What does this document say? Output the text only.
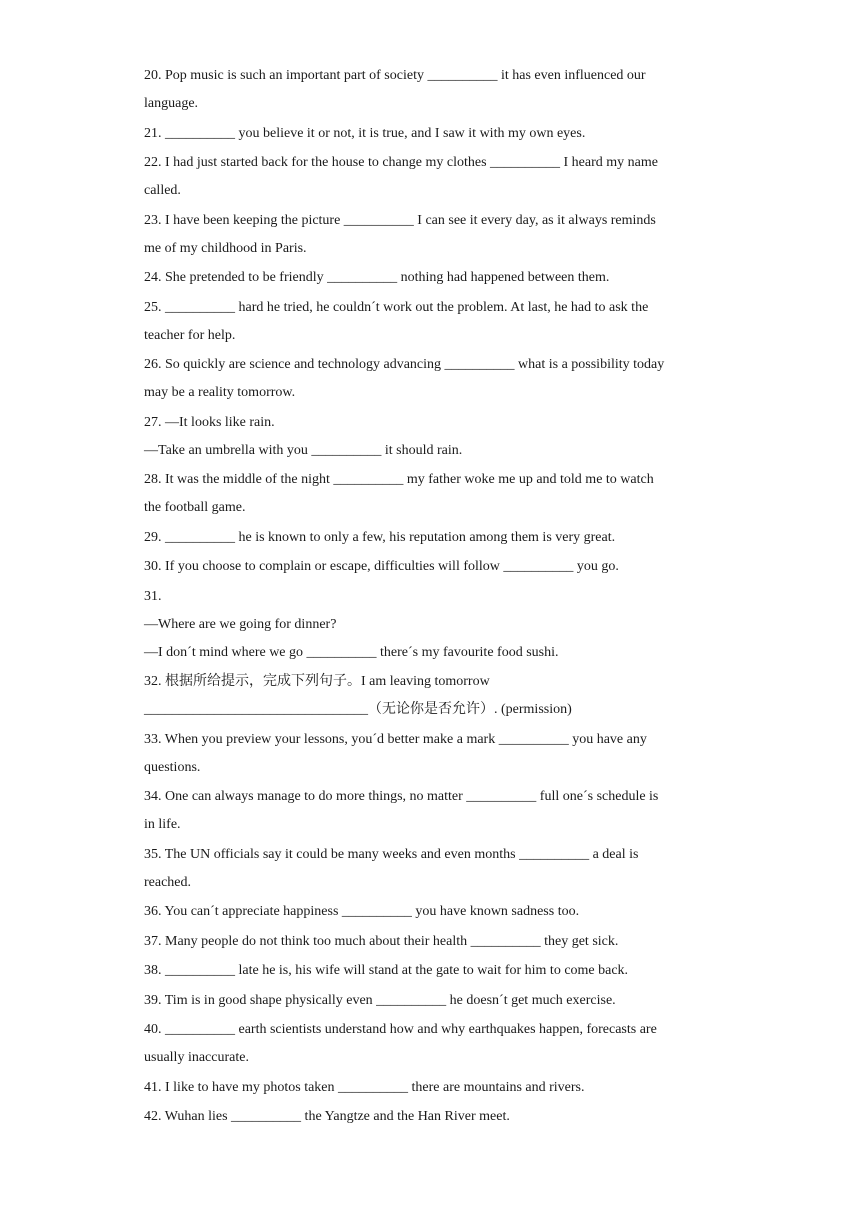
20. Pop music is such an important part of society __________ it has even influenced our
language.
21. __________ you believe it or not, it is true, and I saw it with my own eyes.
22. I had just started back for the house to change my clothes __________ I heard my name
called.
23. I have been keeping the picture __________ I can see it every day, as it always reminds
me of my childhood in Paris.
24. She pretended to be friendly __________ nothing had happened between them.
25. __________ hard he tried, he couldnˊt work out the problem. At last, he had to ask the
teacher for help.
26. So quickly are science and technology advancing __________ what is a possibility today
may be a reality tomorrow.
27. —It looks like rain.
—Take an umbrella with you __________ it should rain.
28. It was the middle of the night __________ my father woke me up and told me to watch
the football game.
29. __________ he is known to only a few, his reputation among them is very great.
30. If you choose to complain or escape, difficulties will follow __________ you go.
31.
—Where are we going for dinner?
—I donˊt mind where we go __________ thereˊs my favourite food sushi.
32. 根据所给提示，完成下列句子。I am leaving tomorrow
________________________________（无论你是否允许）. (permission)
33. When you preview your lessons, youˊd better make a mark __________ you have any
questions.
34. One can always manage to do more things, no matter __________ full oneˊs schedule is
in life.
35. The UN officials say it could be many weeks and even months __________ a deal is
reached.
36. You canˊt appreciate happiness __________ you have known sadness too.
37. Many people do not think too much about their health __________ they get sick.
38. __________ late he is, his wife will stand at the gate to wait for him to come back.
39. Tim is in good shape physically even __________ he doesnˊt get much exercise.
40. __________ earth scientists understand how and why earthquakes happen, forecasts are
usually inaccurate.
41. I like to have my photos taken __________ there are mountains and rivers.
42. Wuhan lies __________ the Yangtze and the Han River meet.
